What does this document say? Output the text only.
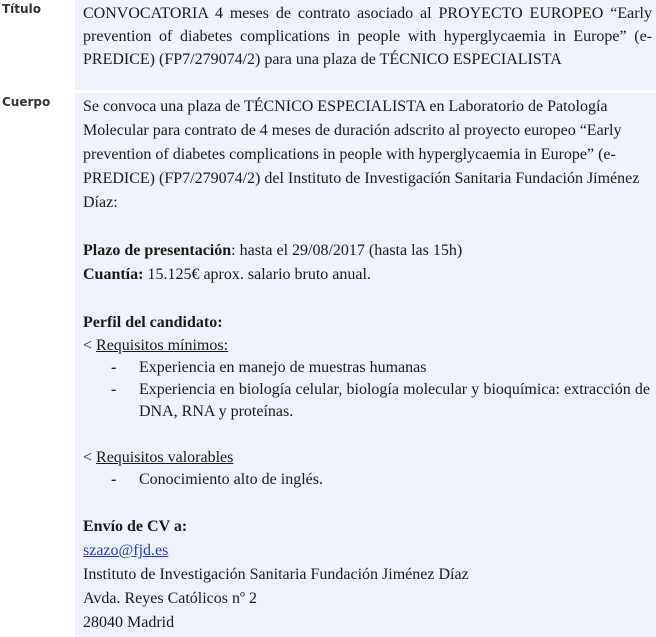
Título	CONVOCATORIA 4 meses de contrato asociado al PROYECTO EUROPEO “Early prevention of diabetes complications in people with hyperglycaemia in Europe” (e-PREDICE) (FP7/279074/2) para una plaza de TÉCNICO ESPECIALISTA
Cuerpo	Se convoca una plaza de TÉCNICO ESPECIALISTA en Laboratorio de Patología Molecular para contrato de 4 meses de duración adscrito al proyecto europeo “Early prevention of diabetes complications in people with hyperglycaemia in Europe” (e-PREDICE) (FP7/279074/2) del Instituto de Investigación Sanitaria Fundación Jiménez Díaz:

Plazo de presentación: hasta el 29/08/2017 (hasta las 15h)

Cuantía: 15.125€ aprox. salario bruto anual.

Perfil del candidato:

< Requisitos mínimos:

- Experiencia en manejo de muestras humanas
- Experiencia en biología celular, biología molecular y bioquímica: extracción de DNA, RNA y proteínas.

< Requisitos valorables

- Conocimiento alto de inglés.

Envío de CV a:

szazo@fjd.es

Instituto de Investigación Sanitaria Fundación Jiménez Díaz

Avda. Reyes Católicos nº 2

28040 Madrid
